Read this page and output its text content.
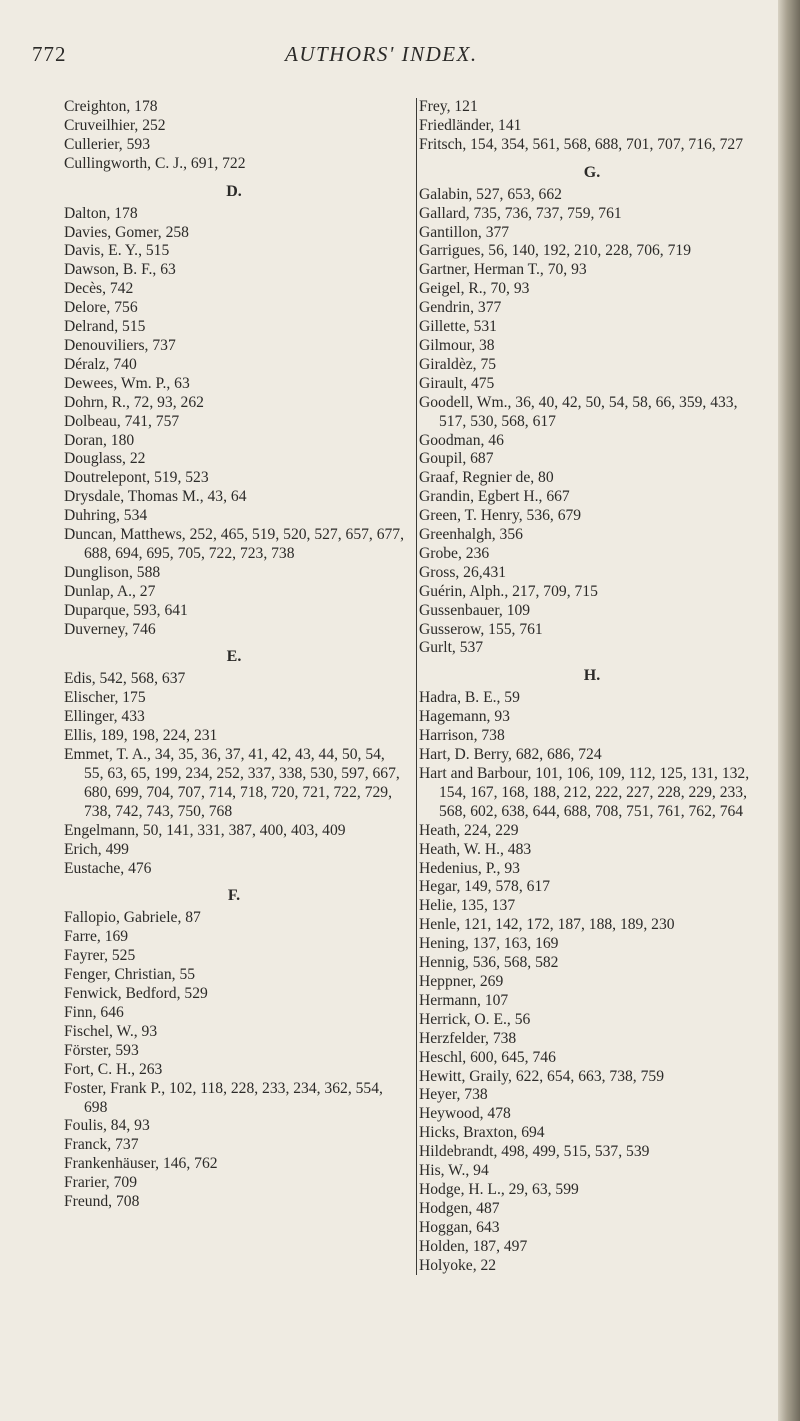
772	AUTHORS' INDEX.
Creighton, 178
Cruveilhier, 252
Cullerier, 593
Cullingworth, C. J., 691, 722
D.
Dalton, 178
Davies, Gomer, 258
Davis, E. Y., 515
Dawson, B. F., 63
Decès, 742
Delore, 756
Delrand, 515
Denouviliers, 737
Déralz, 740
Dewees, Wm. P., 63
Dohrn, R., 72, 93, 262
Dolbeau, 741, 757
Doran, 180
Douglass, 22
Doutrelepont, 519, 523
Drysdale, Thomas M., 43, 64
Duhring, 534
Duncan, Matthews, 252, 465, 519, 520, 527, 657, 677, 688, 694, 695, 705, 722, 723, 738
Dunglison, 588
Dunlap, A., 27
Duparque, 593, 641
Duverney, 746
E.
Edis, 542, 568, 637
Elischer, 175
Ellinger, 433
Ellis, 189, 198, 224, 231
Emmet, T. A., 34, 35, 36, 37, 41, 42, 43, 44, 50, 54, 55, 63, 65, 199, 234, 252, 337, 338, 530, 597, 667, 680, 699, 704, 707, 714, 718, 720, 721, 722, 729, 738, 742, 743, 750, 768
Engelmann, 50, 141, 331, 387, 400, 403, 409
Erich, 499
Eustache, 476
F.
Fallopio, Gabriele, 87
Farre, 169
Fayrer, 525
Fenger, Christian, 55
Fenwick, Bedford, 529
Finn, 646
Fischel, W., 93
Förster, 593
Fort, C. H., 263
Foster, Frank P., 102, 118, 228, 233, 234, 362, 554, 698
Foulis, 84, 93
Franck, 737
Frankenhäuser, 146, 762
Frarier, 709
Freund, 708
Frey, 121
Friedländer, 141
Fritsch, 154, 354, 561, 568, 688, 701, 707, 716, 727
G.
Galabin, 527, 653, 662
Gallard, 735, 736, 737, 759, 761
Gantillon, 377
Garrigues, 56, 140, 192, 210, 228, 706, 719
Gartner, Herman T., 70, 93
Geigel, R., 70, 93
Gendrin, 377
Gillette, 531
Gilmour, 38
Giraldèz, 75
Girault, 475
Goodell, Wm., 36, 40, 42, 50, 54, 58, 66, 359, 433, 517, 530, 568, 617
Goodman, 46
Goupil, 687
Graaf, Regnier de, 80
Grandin, Egbert H., 667
Green, T. Henry, 536, 679
Greenhalgh, 356
Grobe, 236
Gross, 26,431
Guérin, Alph., 217, 709, 715
Gussenbauer, 109
Gusserow, 155, 761
Gurlt, 537
H.
Hadra, B. E., 59
Hagemann, 93
Harrison, 738
Hart, D. Berry, 682, 686, 724
Hart and Barbour, 101, 106, 109, 112, 125, 131, 132, 154, 167, 168, 188, 212, 222, 227, 228, 229, 233, 568, 602, 638, 644, 688, 708, 751, 761, 762, 764
Heath, 224, 229
Heath, W. H., 483
Hedenius, P., 93
Hegar, 149, 578, 617
Helie, 135, 137
Henle, 121, 142, 172, 187, 188, 189, 230
Hening, 137, 163, 169
Hennig, 536, 568, 582
Heppner, 269
Hermann, 107
Herrick, O. E., 56
Herzfelder, 738
Heschl, 600, 645, 746
Hewitt, Graily, 622, 654, 663, 738, 759
Heyer, 738
Heywood, 478
Hicks, Braxton, 694
Hildebrandt, 498, 499, 515, 537, 539
His, W., 94
Hodge, H. L., 29, 63, 599
Hodgen, 487
Hoggan, 643
Holden, 187, 497
Holyoke, 22
